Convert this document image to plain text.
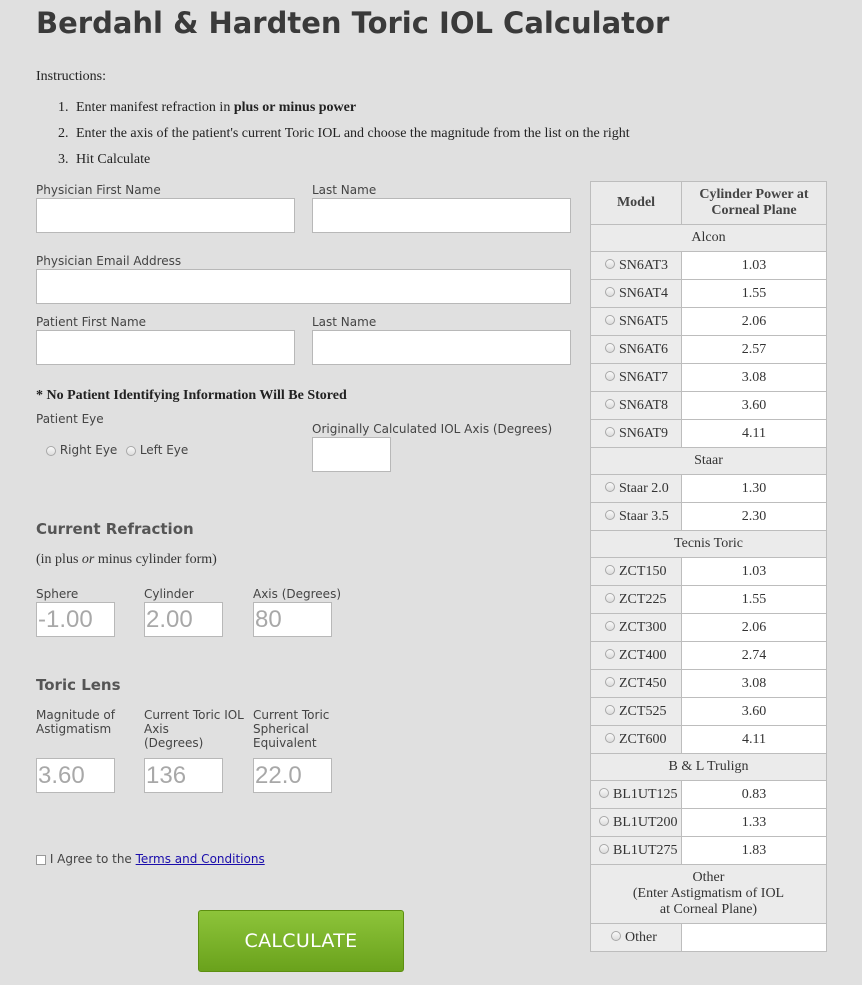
Berdahl & Hardten Toric IOL Calculator
Instructions:
1. Enter manifest refraction in plus or minus power
2. Enter the axis of the patient's current Toric IOL and choose the magnitude from the list on the right
3. Hit Calculate
Physician First Name	Last Name
Physician Email Address
Patient First Name	Last Name
* No Patient Identifying Information Will Be Stored
Patient Eye
Right Eye	Left Eye
Originally Calculated IOL Axis (Degrees)
Current Refraction
(in plus or minus cylinder form)
Sphere
-1.00
Cylinder
2.00
Axis (Degrees)
80
Toric Lens
Magnitude of
Astigmatism
3.60
Current Toric IOL
Axis
(Degrees)
136
Current Toric
Spherical
Equivalent
22.0
I Agree to the Terms and Conditions
CALCULATE
Model	Cylinder Power at
Corneal Plane

Alcon	
SN6AT3	1.03
SN6AT4	1.55
SN6AT5	2.06
SN6AT6	2.57
SN6AT7	3.08
SN6AT8	3.60
SN6AT9	4.11
Staar	
Staar 2.0	1.30
Staar 3.5	2.30
Tecnis Toric	
ZCT150	1.03
ZCT225	1.55
ZCT300	2.06
ZCT400	2.74
ZCT450	3.08
ZCT525	3.60
ZCT600	4.11
B & L Trulign	
BL1UT125	0.83
BL1UT200	1.33
BL1UT275	1.83

Other
(Enter Astigmatism of IOL
at Corneal Plane)	

Other	
